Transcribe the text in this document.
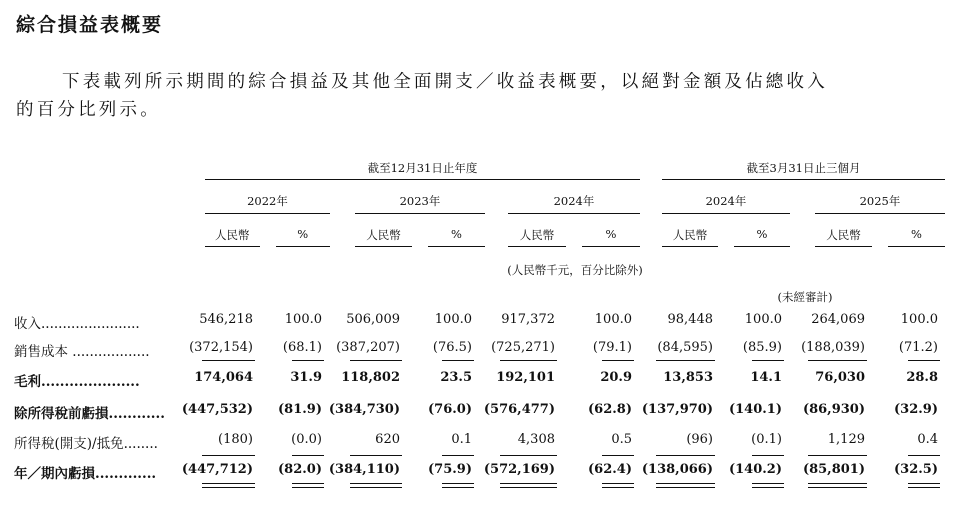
綜合損益表概要
下表載列所示期間的綜合損益及其他全面開支／收益表概要，以絕對金額及佔總收入
的百分比列示。
截至12月31日止年度	截至3月31日止三個月
2022年	2023年	2024年	2024年	2025年
人民幣	%	人民幣	%	人民幣	%	人民幣	%	人民幣	%
(人民幣千元，百分比除外)
(未經審計)
收入.......................	546,218	100.0	506,009	100.0	917,372	100.0	98,448	100.0	264,069	100.0
銷售成本 ..................	(372,154)	(68.1)	(387,207)	(76.5)	(725,271)	(79.1)	(84,595)	(85.9)	(188,039)	(71.2)
毛利.....................	174,064	31.9	118,802	23.5	192,101	20.9	13,853	14.1	76,030	28.8
除所得稅前虧損............	(447,532)	(81.9) (384,730)	(76.0) (576,477)	(62.8) (137,970)	(140.1)	(86,930)	(32.9)
所得稅(開支)/抵免........	(180)	(0.0)	620	0.1	4,308	0.5	(96)	(0.1)	1,129	0.4
年／期內虧損.............	(447,712)	(82.0) (384,110)	(75.9) (572,169)	(62.4) (138,066)	(140.2)	(85,801)	(32.5)
